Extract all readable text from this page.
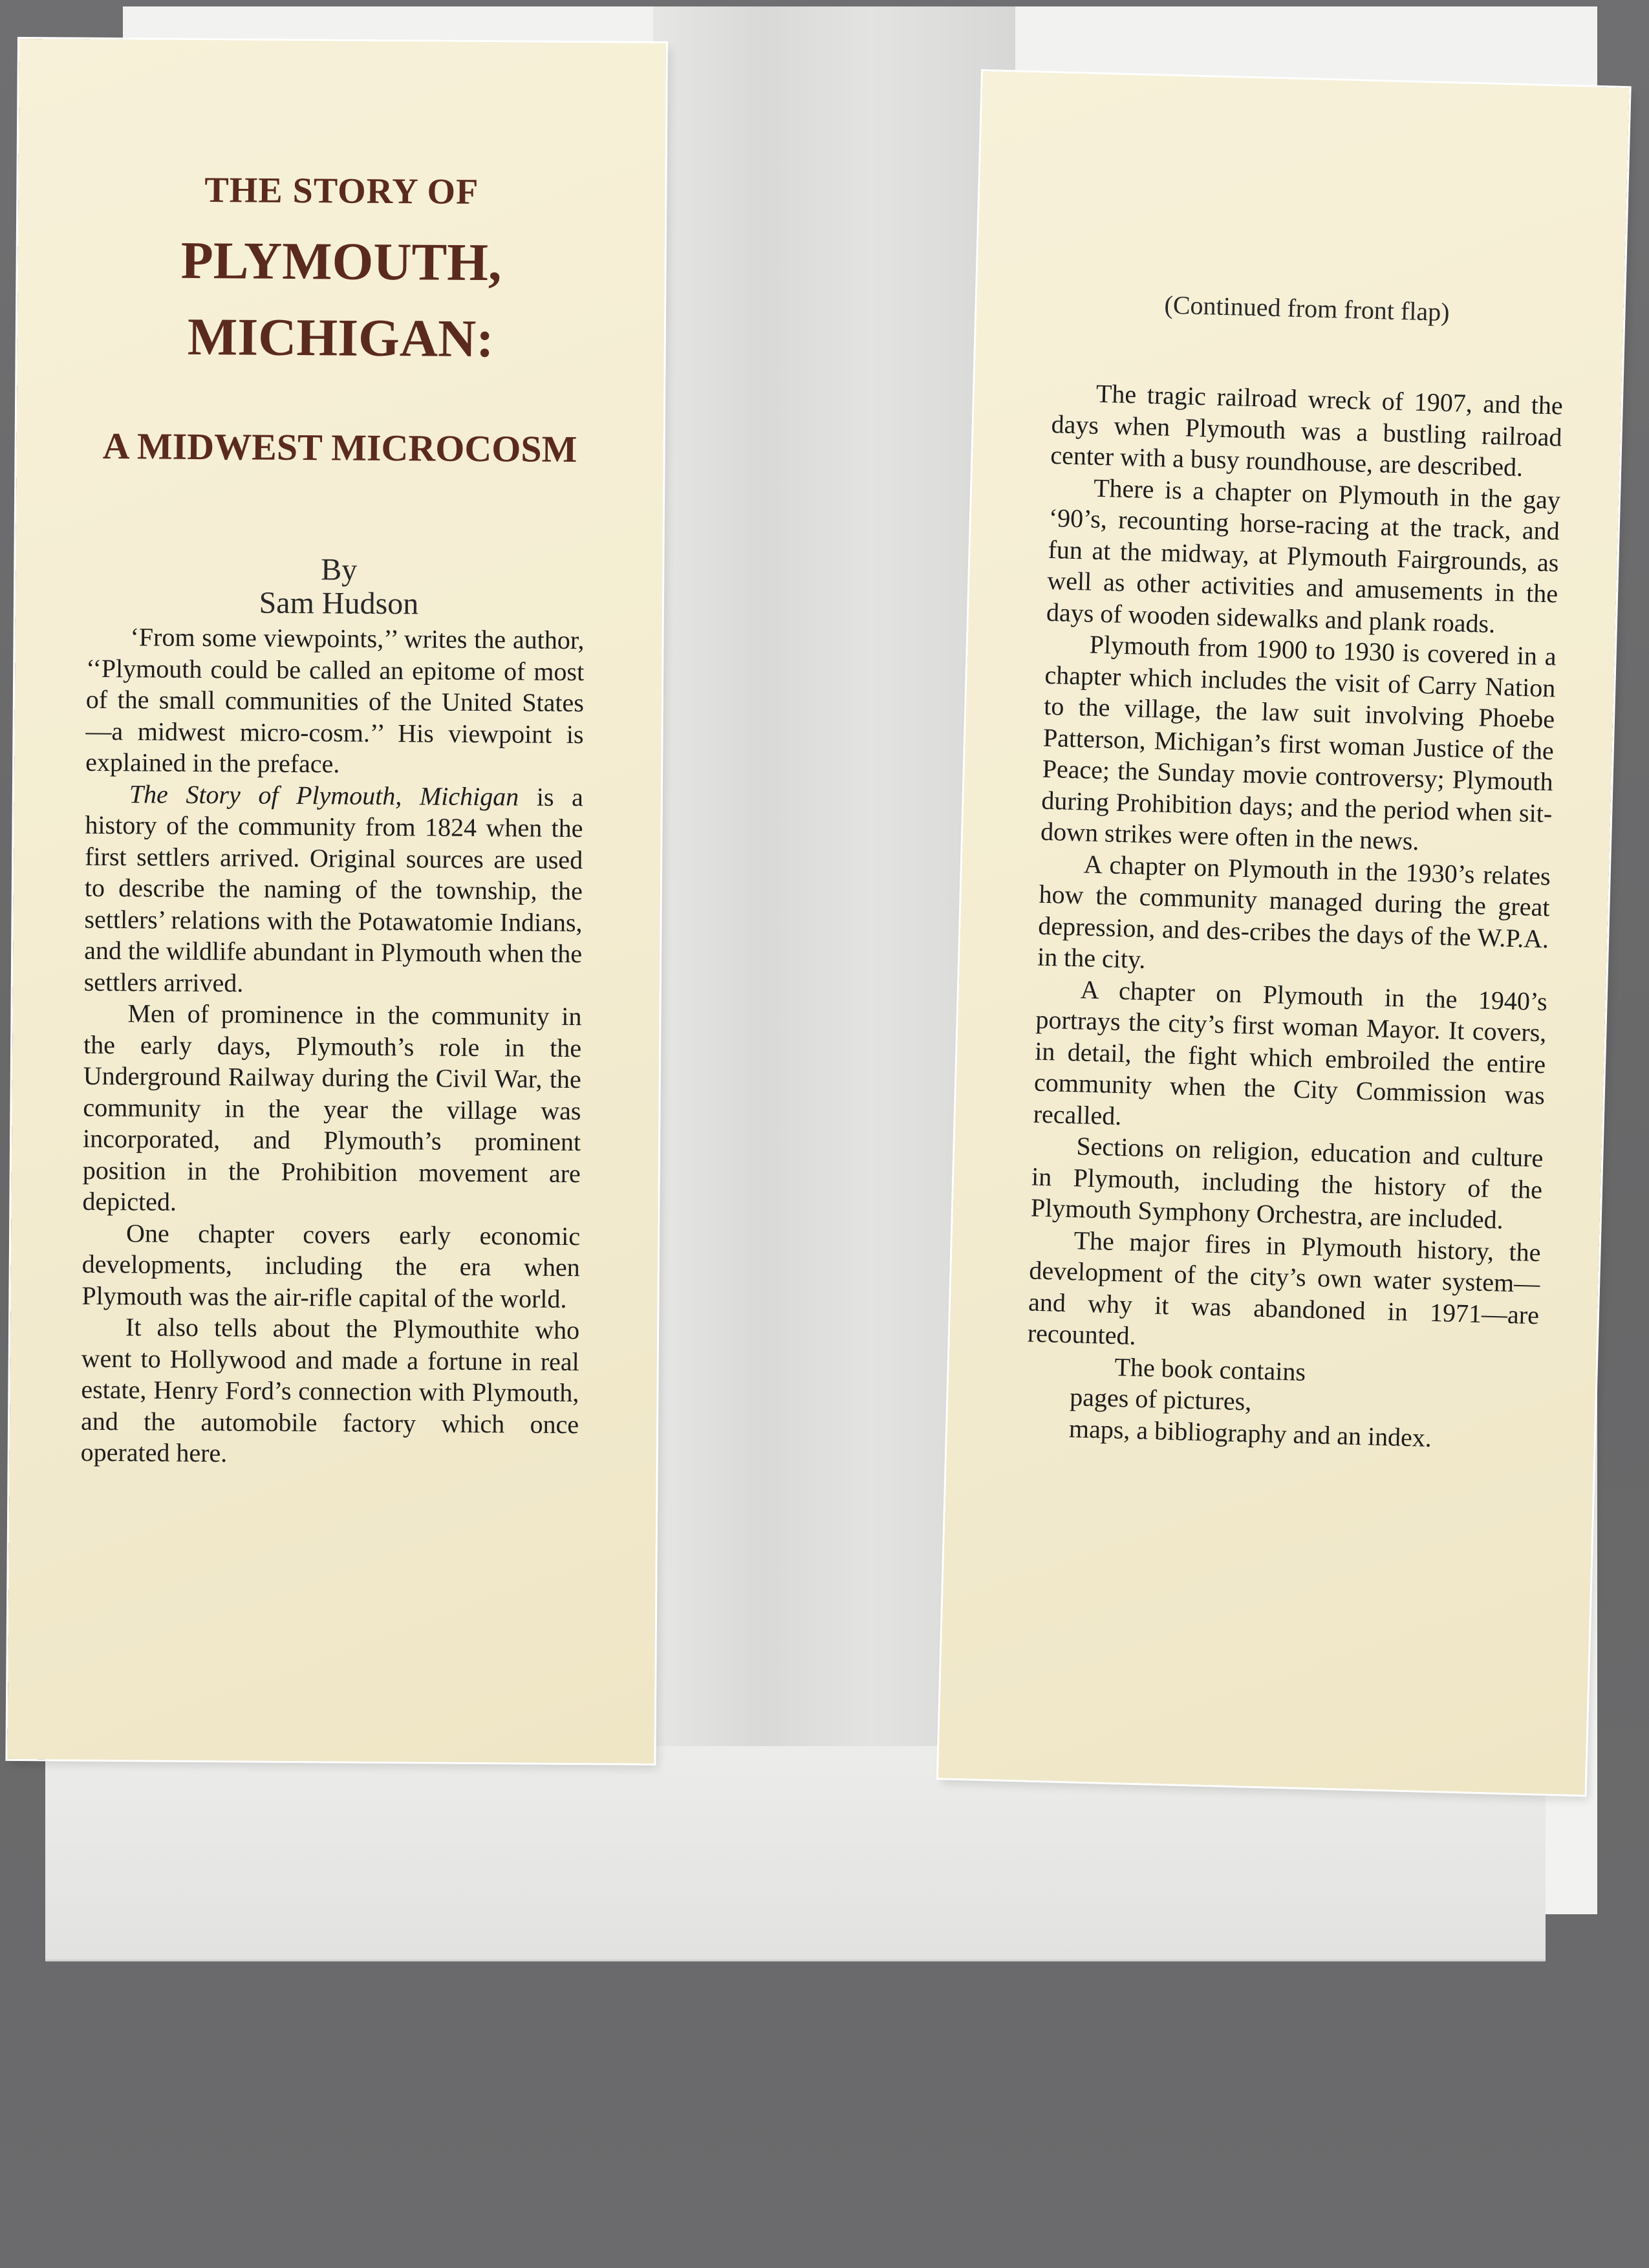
THE STORY OF
PLYMOUTH,
MICHIGAN:
A MIDWEST MICROCOSM
By
Sam Hudson

‘From some viewpoints,’’ writes the author, ‘‘Plymouth could be called an epitome of most of the small communities of the United States—a midwest micro-cosm.’’ His viewpoint is explained in the preface.

The Story of Plymouth, Michigan is a history of the community from 1824 when the first settlers arrived. Original sources are used to describe the naming of the township, the settlers’ relations with the Potawatomie Indians, and the wildlife abundant in Plymouth when the settlers arrived.

Men of prominence in the community in the early days, Plymouth’s role in the Underground Railway during the Civil War, the community in the year the village was incorporated, and Plymouth’s prominent position in the Prohibition movement are depicted.

One chapter covers early economic developments, including the era when Plymouth was the air-rifle capital of the world.

It also tells about the Plymouthite who went to Hollywood and made a fortune in real estate, Henry Ford’s connection with Plymouth, and the automobile factory which once operated here.

(Continued from front flap)

The tragic railroad wreck of 1907, and the days when Plymouth was a bustling railroad center with a busy roundhouse, are described.

There is a chapter on Plymouth in the gay ‘90’s, recounting horse-racing at the track, and fun at the midway, at Plymouth Fairgrounds, as well as other activities and amusements in the days of wooden sidewalks and plank roads.

Plymouth from 1900 to 1930 is covered in a chapter which includes the visit of Carry Nation to the village, the law suit involving Phoebe Patterson, Michigan’s first woman Justice of the Peace; the Sunday movie controversy; Plymouth during Prohibition days; and the period when sit-down strikes were often in the news.

A chapter on Plymouth in the 1930’s relates how the community managed during the great depression, and des-cribes the days of the W.P.A. in the city.

A chapter on Plymouth in the 1940’s portrays the city’s first woman Mayor. It covers, in detail, the fight which embroiled the entire community when the City Commission was recalled.

Sections on religion, education and culture in Plymouth, including the history of the Plymouth Symphony Orchestra, are included.

The major fires in Plymouth history, the development of the city’s own water system—and why it was abandoned in 1971—are recounted.

The book containspages of pictures,maps, a bibliography and an index.
